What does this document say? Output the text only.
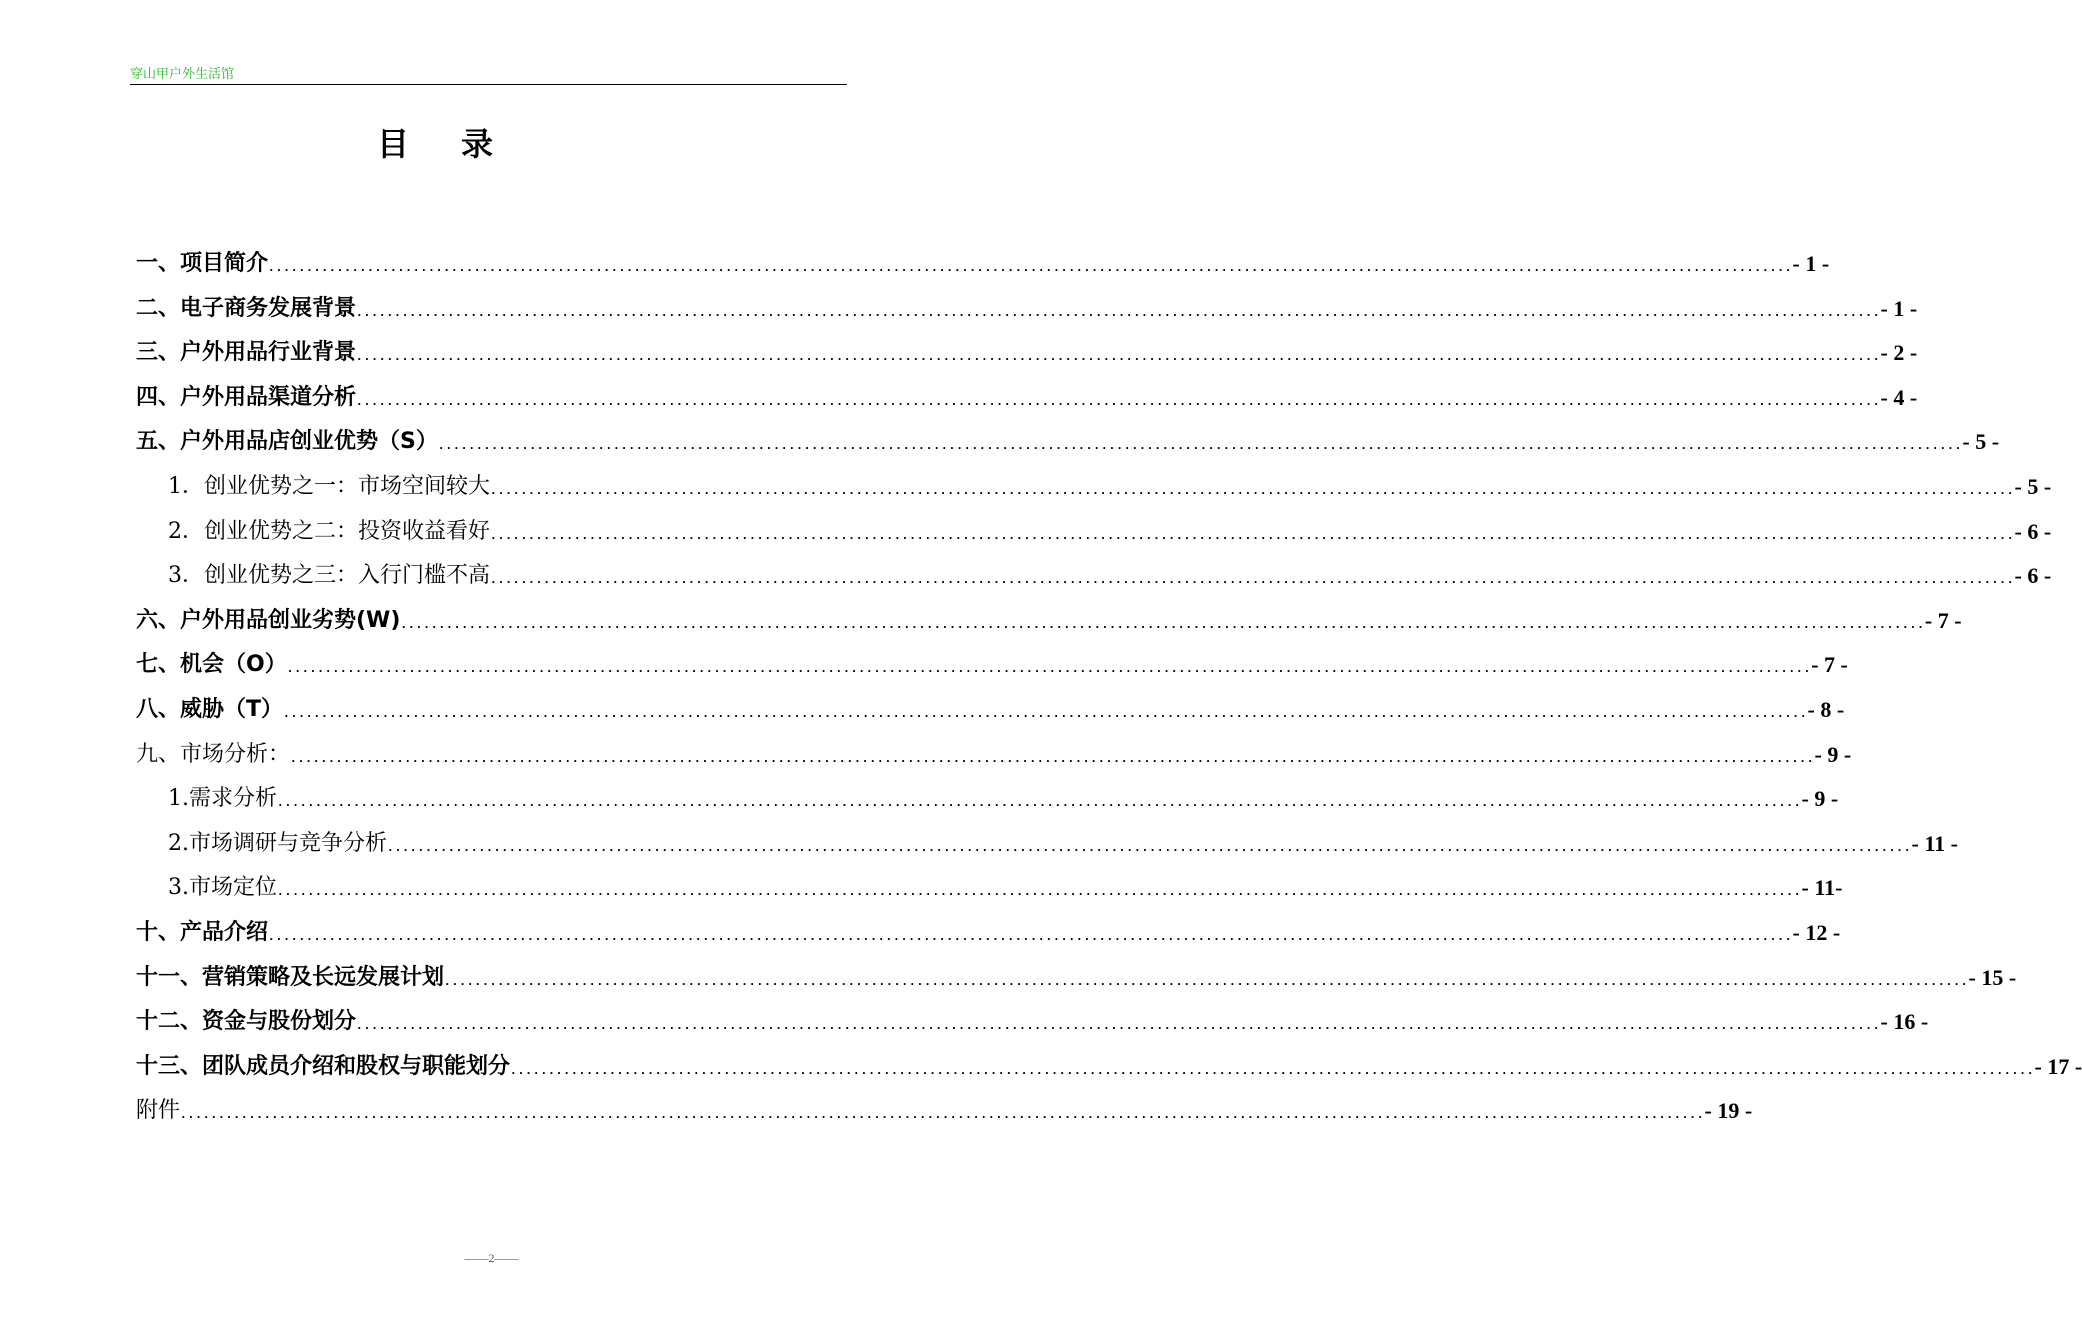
穿山甲户外生活馆
目录
一、项目简介 ........................................................................................................................................................................................................ - 1 -
二、电子商务发展背景 ........................................................................................................................................................................................................ - 1 -
三、户外用品行业背景 ........................................................................................................................................................................................................ - 2 -
四、户外用品渠道分析 ........................................................................................................................................................................................................ - 4 -
五、户外用品店创业优势（S） ........................................................................................................................................................................................................ - 5 -
1．创业优势之一：市场空间较大 ........................................................................................................................................................................................................ - 5 -
2．创业优势之二：投资收益看好 ........................................................................................................................................................................................................ - 6 -
3．创业优势之三：入行门槛不高 ........................................................................................................................................................................................................ - 6 -
六、户外用品创业劣势(W) ........................................................................................................................................................................................................ - 7 -
七、机会（O） ........................................................................................................................................................................................................ - 7 -
八、威胁（T） ........................................................................................................................................................................................................ - 8 -
九、市场分析： ........................................................................................................................................................................................................ - 9 -
1.需求分析 ........................................................................................................................................................................................................ - 9 -
2.市场调研与竞争分析 ........................................................................................................................................................................................................ - 11 -
3.市场定位 ........................................................................................................................................................................................................ - 11-
十、产品介绍 ........................................................................................................................................................................................................ - 12 -
十一、营销策略及长远发展计划 ........................................................................................................................................................................................................ - 15 -
十二、资金与股份划分 ........................................................................................................................................................................................................ - 16 -
十三、团队成员介绍和股权与职能划分 ........................................................................................................................................................................................................ - 17 -
附件 ........................................................................................................................................................................................................ - 19 -
——2——
